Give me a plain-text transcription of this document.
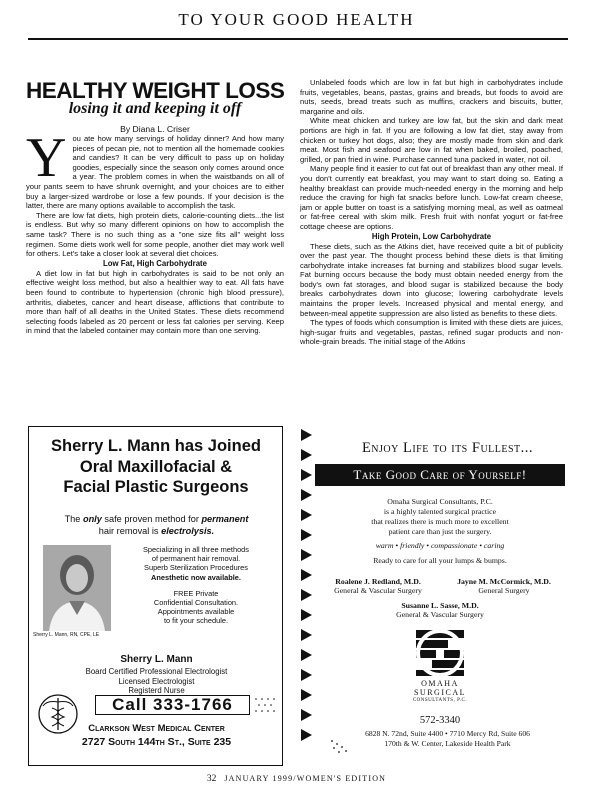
TO YOUR GOOD HEALTH
HEALTHY WEIGHT LOSS
losing it and keeping it off
By Diana L. Criser

You ate how many servings of holiday dinner? And how many pieces of pecan pie, not to mention all the homemade cookies and candies? It can be very difficult to pass up on holiday goodies, especially since the season only comes around once a year. The problem comes in when the waistbands on all of your pants seem to have shrunk overnight, and your choices are to either buy a larger-sized wardrobe or lose a few pounds. If your decision is the latter, there are many options available to accomplish the task.

There are low fat diets, high protein diets, calorie-counting diets...the list is endless. But why so many different opinions on how to accomplish the same task? There is no such thing as a "one size fits all" weight loss regimen. Some diets work well for some people, another diet may work well for others. Let's take a closer look at several diet choices.

Low Fat, High Carbohydrate

A diet low in fat but high in carbohydrates is said to be not only an effective weight loss method, but also a healthier way to eat. All fats have been found to contribute to hypertension (chronic high blood pressure), arthritis, diabetes, cancer and heart disease, afflictions that contribute to more than half of all deaths in the United States. These diets recommend selecting foods labeled as 20 percent or less fat calories per serving. Keep in mind that the labeled container may contain more than one serving.

Unlabeled foods which are low in fat but high in carbohydrates include fruits, vegetables, beans, pastas, grains and breads, but foods to avoid are nuts, seeds, bread treats such as muffins, crackers and biscuits, butter, margarine and oils.

White meat chicken and turkey are low fat, but the skin and dark meat portions are high in fat. If you are following a low fat diet, stay away from chicken or turkey hot dogs, also; they are mostly made from skin and dark meat. Most fish and seafood are low in fat when baked, broiled, poached, grilled, or pan fried in wine. Purchase canned tuna packed in water, not oil.

Many people find it easier to cut fat out of breakfast than any other meal. If you don't currently eat breakfast, you may want to start doing so. Eating a healthy breakfast can provide much-needed energy in the morning and help reduce the craving for high fat snacks before lunch. Low-fat cream cheese, jam or apple butter on toast is a satisfying morning meal, as well as oatmeal or fat-free cereal with skim milk. Fresh fruit with nonfat yogurt or fat-free cottage cheese are options.

High Protein, Low Carbohydrate

These diets, such as the Atkins diet, have received quite a bit of publicity over the past year. The thought process behind these diets is that limiting carbohydrate intake increases fat burning and stabilizes blood sugar levels. Fat burning occurs because the body must obtain needed energy from the body's own fat storages, and blood sugar is stabilized because the body breaks carbohydrates down into glucose; lowering carbohydrate levels maintains the proper levels. Increased physical and mental energy, and between-meal appetite suppression are also listed as benefits to these diets.

The types of foods which consumption is limited with these diets are juices, high-sugar fruits and vegetables, pastas, refined sugar products and non-whole-grain breads. The initial stage of the Atkins

Sherry L. Mann has Joined
Oral Maxillofacial &
Facial Plastic Surgeons
The only safe proven method for permanent
hair removal is electrolysis.
Sherry L. Mann, RN, CPE, LE
Specializing in all three methods
of permanent hair removal.
Superb Sterilization Procedures
Anesthetic now available.
FREE Private
Confidential Consultation.
Appointments available
to fit your schedule.
Sherry L. Mann
Board Certified Professional Electrologist
Licensed Electrologist
Registerd Nurse
Call 333-1766
Clarkson West Medical Center
2727 South 144th St., Suite 235
Enjoy Life to its Fullest...
Take Good Care of Yourself!
Omaha Surgical Consultants, P.C.
is a highly talented surgical practice
that realizes there is much more to excellent
patient care than just the surgery.
warm • friendly • compassionate • caring
Ready to care for all your lumps & bumps.
Roalene J. Redland, M.D.
General & Vascular Surgery
Jayne M. McCormick, M.D.
General Surgery
Susanne L. Sasse, M.D.
General & Vascular Surgery
OMAHA
SURGICAL
CONSULTANTS, P.C.
572-3340
6828 N. 72nd, Suite 4400 • 7710 Mercy Rd, Suite 606
170th & W. Center, Lakeside Health Park
32 JANUARY 1999/WOMEN'S EDITION
